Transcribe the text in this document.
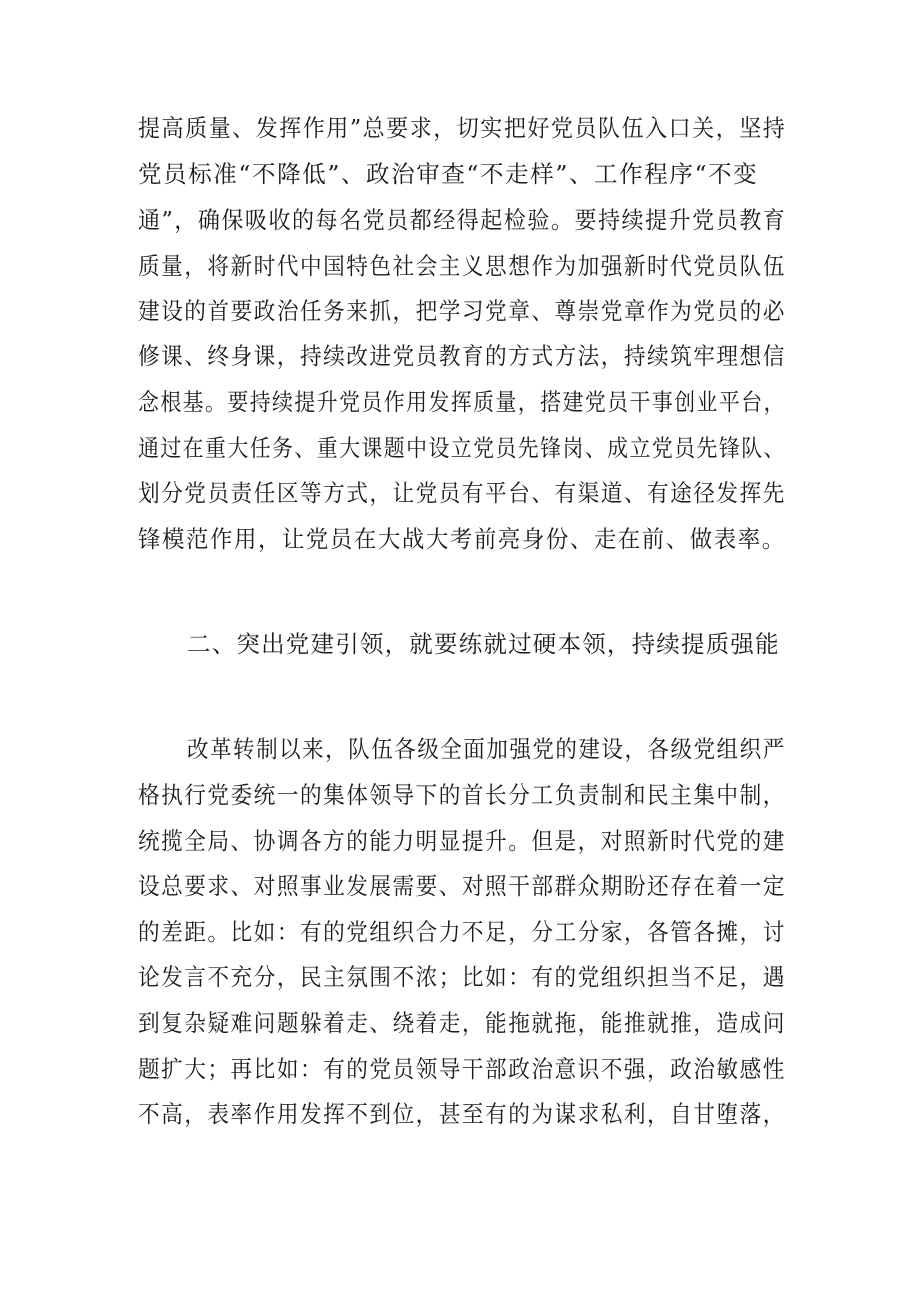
提高质量、发挥作用”总要求，切实把好党员队伍入口关，坚持
党员标准“不降低”、政治审查“不走样”、工作程序“不变
通”，确保吸收的每名党员都经得起检验。要持续提升党员教育
质量，将新时代中国特色社会主义思想作为加强新时代党员队伍
建设的首要政治任务来抓，把学习党章、尊崇党章作为党员的必
修课、终身课，持续改进党员教育的方式方法，持续筑牢理想信
念根基。要持续提升党员作用发挥质量，搭建党员干事创业平台，
通过在重大任务、重大课题中设立党员先锋岗、成立党员先锋队、
划分党员责任区等方式，让党员有平台、有渠道、有途径发挥先
锋模范作用，让党员在大战大考前亮身份、走在前、做表率。
二、突出党建引领，就要练就过硬本领，持续提质强能
改革转制以来，队伍各级全面加强党的建设，各级党组织严
格执行党委统一的集体领导下的首长分工负责制和民主集中制，
统揽全局、协调各方的能力明显提升。但是，对照新时代党的建
设总要求、对照事业发展需要、对照干部群众期盼还存在着一定
的差距。比如：有的党组织合力不足，分工分家，各管各摊，讨
论发言不充分，民主氛围不浓；比如：有的党组织担当不足，遇
到复杂疑难问题躲着走、绕着走，能拖就拖，能推就推，造成问
题扩大；再比如：有的党员领导干部政治意识不强，政治敏感性
不高，表率作用发挥不到位，甚至有的为谋求私利，自甘堕落，
